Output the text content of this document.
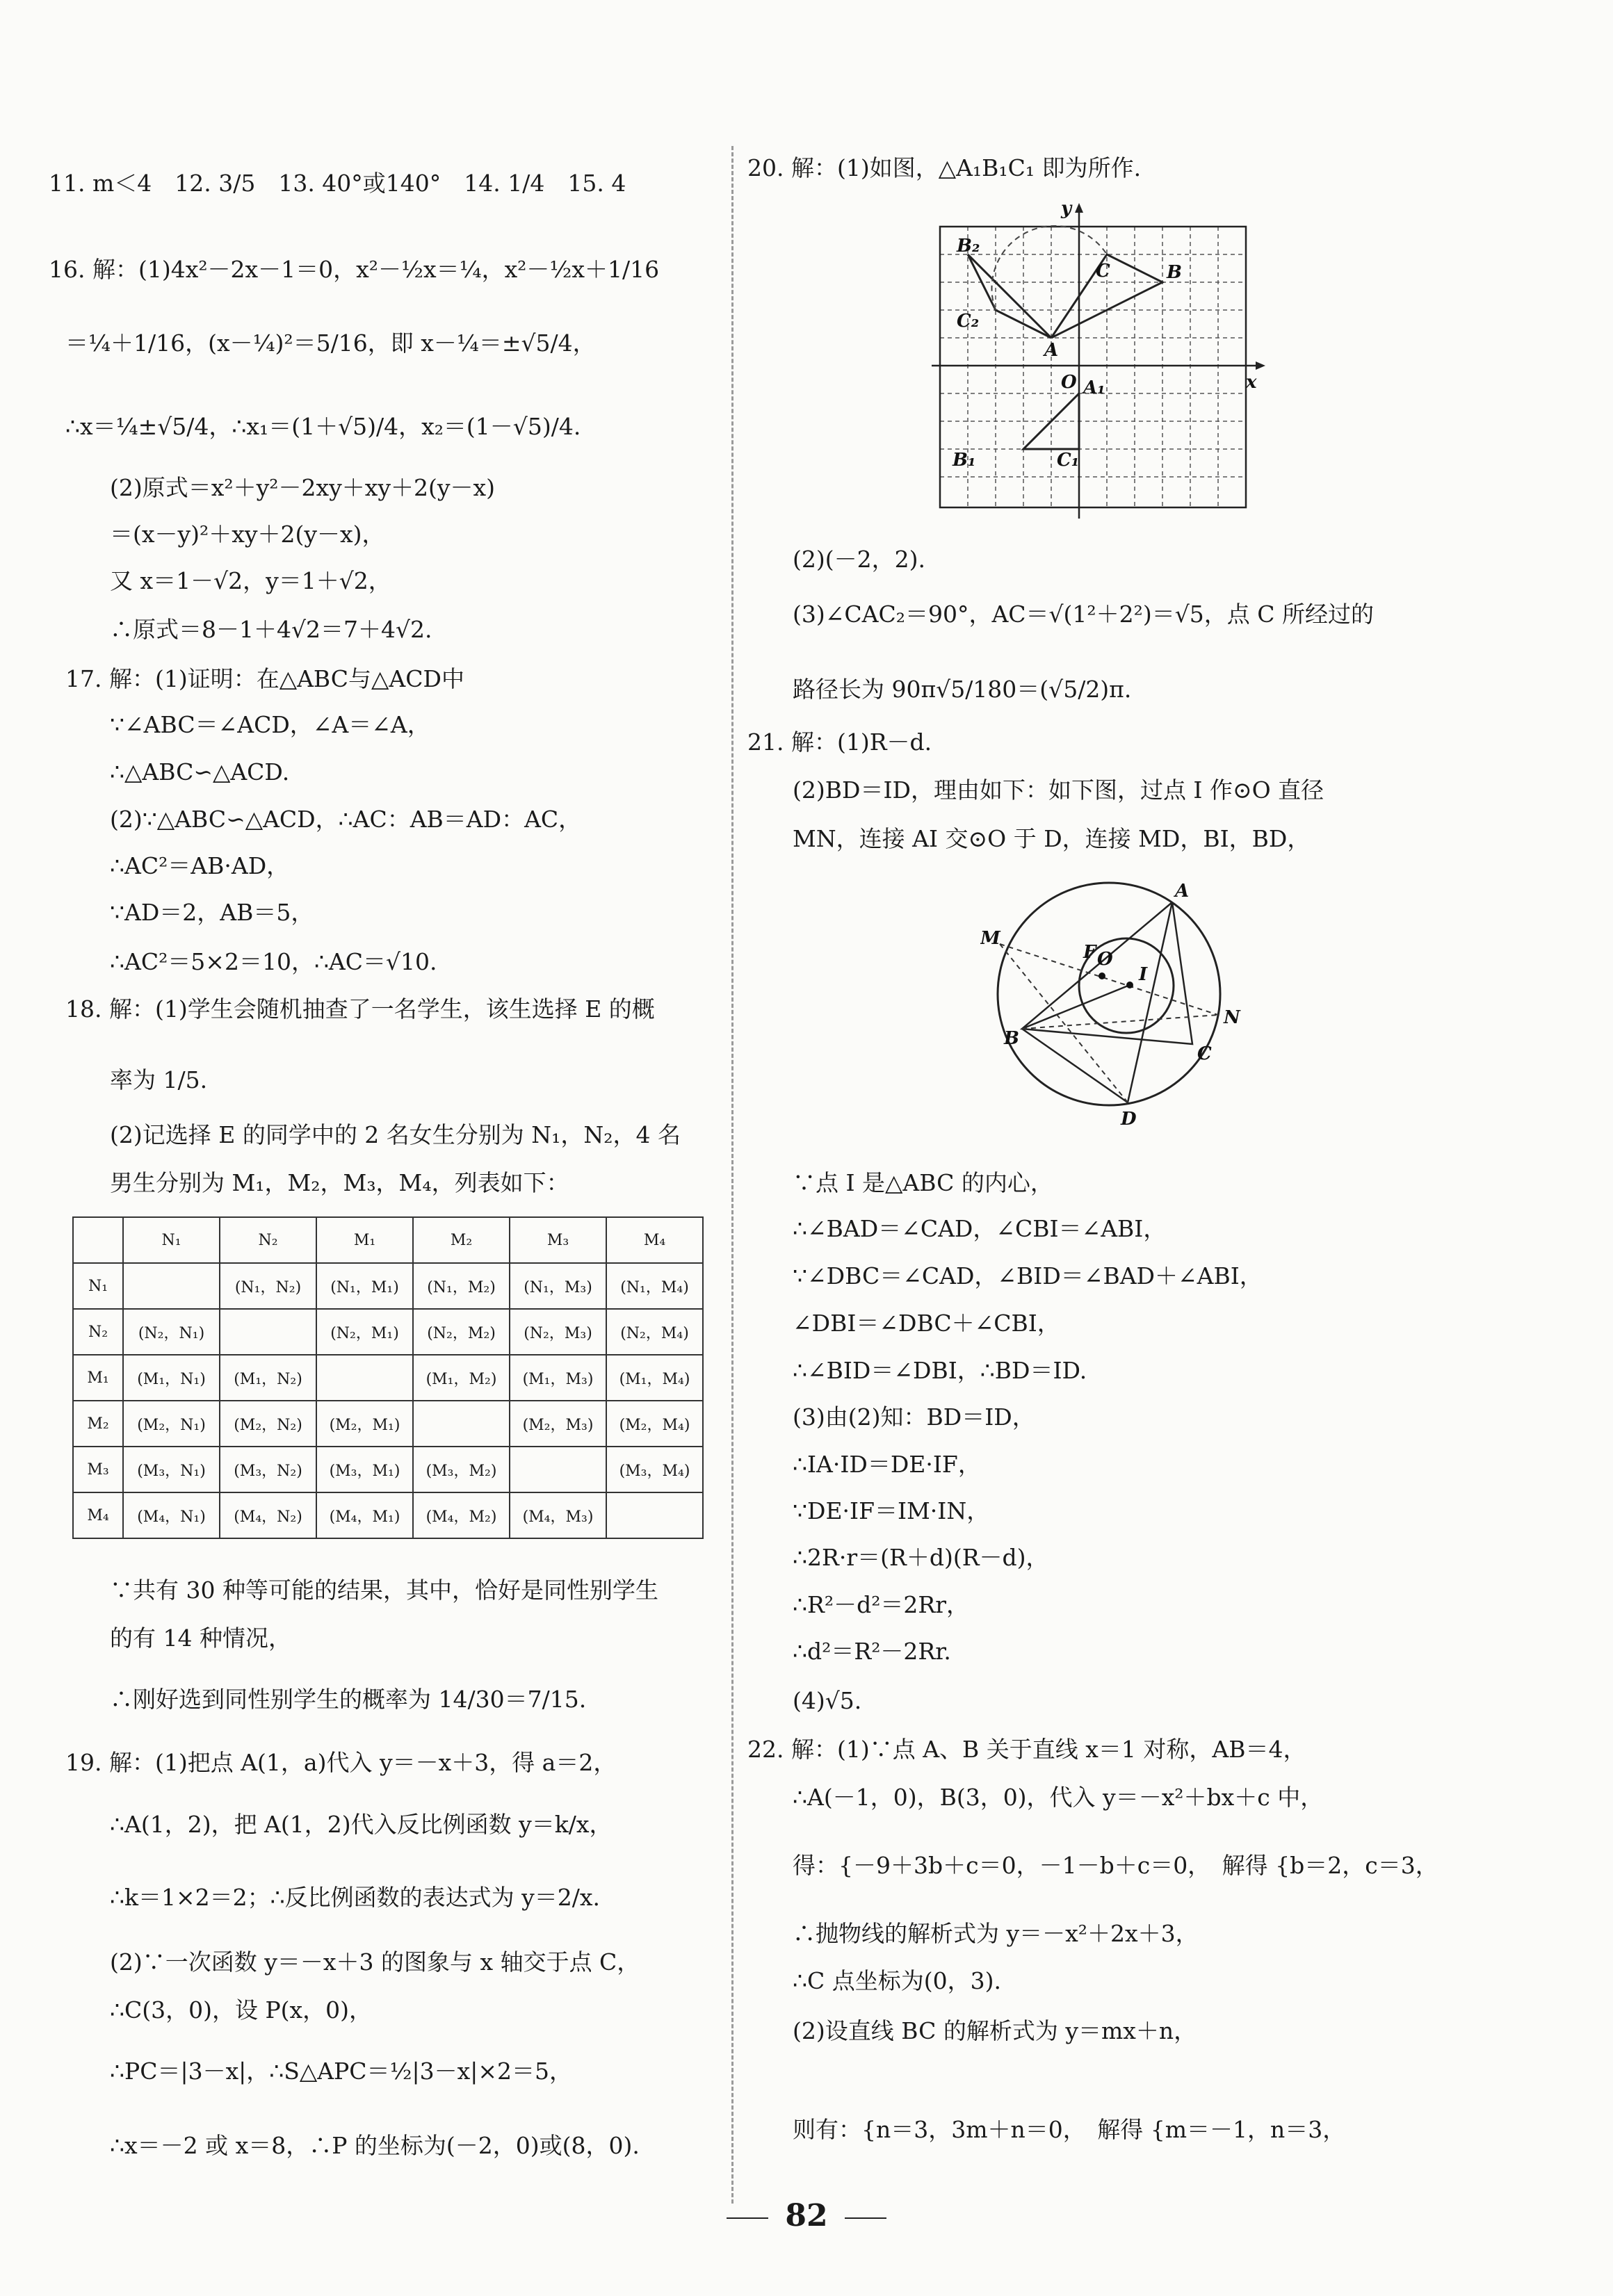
11. m＜4　12. 3/5　13. 40°或140°　14. 1/4　15. 4
16. 解：(1)4x²－2x－1＝0，x²－½x＝¼，x²－½x＋1/16
＝¼＋1/16，(x－¼)²＝5/16，即 x－¼＝±√5/4，
∴x＝¼±√5/4，∴x₁＝(1＋√5)/4，x₂＝(1－√5)/4.
(2)原式＝x²＋y²－2xy＋xy＋2(y－x)
＝(x－y)²＋xy＋2(y－x)，
又 x＝1－√2，y＝1＋√2，
∴原式＝8－1＋4√2＝7＋4√2.
17. 解：(1)证明：在△ABC与△ACD中
∵∠ABC＝∠ACD，∠A＝∠A，
∴△ABC∽△ACD.
(2)∵△ABC∽△ACD，∴AC：AB＝AD：AC，
∴AC²＝AB·AD，
∵AD＝2，AB＝5，
∴AC²＝5×2＝10，∴AC＝√10.
18. 解：(1)学生会随机抽查了一名学生，该生选择 E 的概
率为 1/5.
(2)记选择 E 的同学中的 2 名女生分别为 N₁，N₂，4 名
男生分别为 M₁，M₂，M₃，M₄，列表如下：
	N₁	N₂	M₁	M₂	M₃	M₄
N₁		(N₁，N₂)	(N₁，M₁)	(N₁，M₂)	(N₁，M₃)	(N₁，M₄)
N₂	(N₂，N₁)		(N₂，M₁)	(N₂，M₂)	(N₂，M₃)	(N₂，M₄)
M₁	(M₁，N₁)	(M₁，N₂)		(M₁，M₂)	(M₁，M₃)	(M₁，M₄)
M₂	(M₂，N₁)	(M₂，N₂)	(M₂，M₁)		(M₂，M₃)	(M₂，M₄)
M₃	(M₃，N₁)	(M₃，N₂)	(M₃，M₁)	(M₃，M₂)		(M₃，M₄)
M₄	(M₄，N₁)	(M₄，N₂)	(M₄，M₁)	(M₄，M₂)	(M₄，M₃)	
∵共有 30 种等可能的结果，其中，恰好是同性别学生
的有 14 种情况，
∴刚好选到同性别学生的概率为 14/30＝7/15.
19. 解：(1)把点 A(1，a)代入 y＝－x＋3，得 a＝2，
∴A(1，2)，把 A(1，2)代入反比例函数 y＝k/x，
∴k＝1×2＝2；∴反比例函数的表达式为 y＝2/x.
(2)∵一次函数 y＝－x＋3 的图象与 x 轴交于点 C，
∴C(3，0)，设 P(x，0)，
∴PC＝|3－x|，∴S△APC＝½|3－x|×2＝5，
∴x＝－2 或 x＝8，∴P 的坐标为(－2，0)或(8，0).
20. 解：(1)如图，△A₁B₁C₁ 即为所作.
B₂
C	B
C₂
A
O A₁
B₁	C₁
x
y
(2)(－2，2).
(3)∠CAC₂＝90°，AC＝√(1²＋2²)＝√5，点 C 所经过的
路径长为 90π√5/180＝(√5/2)π.
21. 解：(1)R－d.
(2)BD＝ID，理由如下：如下图，过点 I 作⊙O 直径
MN，连接 AI 交⊙O 于 D，连接 MD，BI，BD，
A
M
F O
I
N
B
C
D
∵点 I 是△ABC 的内心，
∴∠BAD＝∠CAD，∠CBI＝∠ABI，
∵∠DBC＝∠CAD，∠BID＝∠BAD＋∠ABI，
∠DBI＝∠DBC＋∠CBI，
∴∠BID＝∠DBI，∴BD＝ID.
(3)由(2)知：BD＝ID，
∴IA·ID＝DE·IF，
∵DE·IF＝IM·IN，
∴2R·r＝(R＋d)(R－d)，
∴R²－d²＝2Rr，
∴d²＝R²－2Rr.
(4)√5.
22. 解：(1)∵点 A、B 关于直线 x＝1 对称，AB＝4，
∴A(－1，0)，B(3，0)，代入 y＝－x²＋bx＋c 中，
得：{－9＋3b＋c＝0，－1－b＋c＝0，　解得 {b＝2，c＝3，
∴抛物线的解析式为 y＝－x²＋2x＋3，
∴C 点坐标为(0，3).
(2)设直线 BC 的解析式为 y＝mx＋n，
则有：{n＝3，3m＋n＝0，　解得 {m＝－1，n＝3，
82
